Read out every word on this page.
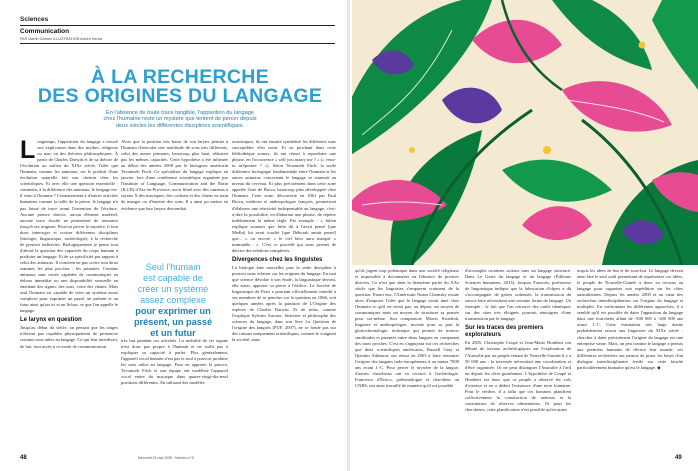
Sciences
Communication
PAR Martin Chavez ILLUSTRATION Adrien Herda
À LA RECHERCHE
DES ORIGINES DU LANGAGE
En l'absence de toute trace tangible, l'apparition du langage
chez l'humaine reste un mystère que tentent de percer depuis
deux siècles les différentes disciplines scientifiques.
L ongtemps, l'apparition du langage a trouvé son explication dans des mythes, religieux ou non, ou des théories philosophiques. À partir de Charles Darwin et de sa théorie de l'évolution au milieu du XIXe siècle, l'idée que l'humain, comme les animaux, est le produit d'une évolution naturelle fait son chemin chez les scientifiques. Et avec elle une question essentielle : comment, à la différence des animaux, le langage est-il venu à l'homme ? Contrairement à d'autres activités humaines comme la taille de la pierre, le langage n'a pas laissé de trace avant l'invention de l'écriture. Aucune preuve directe, aucun élément matériel, aucune trace fossile ne permettent de remonter jusqu'à ses origines. Peut-on percer le mystère, il faut donc interroger et croiser différentes disciplines (biologie, linguistique, archéologie), à la recherche de preuves indirectes. Biologiquement je pense tout d'abord la question des capacités du corps humain à produire un langage. Et de sa spécificité par rapport à celui des animaux. Il convient ne pas croire tout deux sommes les plus proches : les primates. Certains animaux sont certes capables de communiquer en dehors immédiat ou une disponibilité sensuelle en émettant des signes, des sons, voire des chants. Mais seul l'humain est capable de créer un système assez complexe pour exprimer un passé, un présent et un futur ainsi qu'un ici et un là-bas, ce que l'on appelle le langage.
Le larynx en question
Jusqu'au début du siècle, on pensait que les singes n'étaient pas capables physiquement de prononcer certains sons utiles au langage. Ce qui leur interdisait, de fait, tout accès à ce mode de communication.
Alors que la position très basse de son larynx permet à l'humain d'articuler une multitude de sons très différents, celui des autres primates, beaucoup plus haut, réduirait pas les mêmes capacités. Cette hypothèse a été infirmée au début des années 2000 par le biologiste américain Tecumseh Fitch. Ce spécialiste du langage explique en janvier, lors d'une conférence scientifique organisée par l'Institute of Language, Communication and the Brain (ILCB) d'Aix-en-Provence, avoir filmé avec des caméras à rayons X des macaques, des cochons et des chiens en train de manger ou d'émettre des sons. Il a ainsi pu mettre en évidence que leur larynx descendait
Seul l'humain
est capable de
créer un système
assez complexe
pour exprimer un
présent, un passé
et un futur
très bas pendant ces activités. La mobilité de cet organe n'est donc pas propre à l'humain et ne suffit pas à expliquer sa capacité à parler. Plus généralement, l'appareil vocal humain n'est pas le seul à pouvoir produire les sons utiles au langage. Pour en apporter la preuve, Tecumseh Fitch et son équipe ont modélisé l'appareil vocal entier du macaque dans quatre-vingt-dix-neuf positions différentes. En utilisant des modèles
acoustiques, ils ont ensuite synthétisé les différents sons susceptibles d'en sortir. Et en piochant dans cette bibliothèque sonore, ils ont réussi à reproduire une phrase, en l'occurrence « will you marry me ? » (« veux-tu m'épouser ? »). Selon Tecumseh Fitch, la seule différence biologique fondamentale entre l'humain et les autres animaux concernant le langage se situerait au niveau du cerveau. Et plus précisément dans cette zone appelée l'aire de Broca, beaucoup plus développée chez l'humain. Cette zone, découverte en 1861 par Paul Broca, médecin et anthropologue français, permettrait d'élaborer une réactivité indispensable au langage, c'est-à-dire la possibilité, en élaborant une phrase, de répéter indéfiniment la même règle. Par exemple : « Julien explique soutenir que Julie dit à l'avait pensé [que Medhi] lui avait touché [que Déborah aurait pensé] que... » ou encore « le ciel bleu aura marqué » immuable... ». C'est ce procédé qui nous permet de décrire des relations complexes.
Divergences chez les linguistes
La biologie âme nouvelles puis la seule discipline à pouvoir nous éclairer sur les origines du langage. En tant que science dévolue à son étude, la linguistique devrait, elle aussi, apporter sa pierre à l'édifice. La Société de linguistique de Paris a pourtant officiellement interdit à ses membres de se pencher sur la question en 1866, soit quelques années après la parution de L'Origine des espèces de Charles Darwin. Et de refus, comme l'explique Sylvain Auroux, historien et philosophe des sciences du langage, dans son livre La Question de l'origine des langues (PUF, 2007), ne se fonde pas sur des raisons uniquement scientifiques, comme le craignait la société, mais
48	Mercredi 21 mai 2025 - Numéro n°5
qu'ils jugent trop polémique dans une société religieuse et impossible à documenter en l'absence de preuves directes. Ce n'est que dans la deuxième partie du XXe siècle que les linguistes s'emparent vraiment de la question. Parmi eux, l'Américain Noam Chomsky essaie alors d'imposer l'idée que le langage serait inné chez l'humain et qu'il ne serait pas, au départ, un moyen de communiquer mais un moyen de structurer sa pensée pour soi-même. Son compatriote Morris Swadesh, linguiste et anthropologue, invente pour sa part la glottochronologie, technique qui permet de trouver similitudes et parentés entre deux langues en comparant des mots proches. C'est en s'appuyant sur ces recherches que deux scientifiques américains, Russell Gray et Quentin Atkinson, ont réussi en 2003 à faire remonter l'origine des langues indo-européennes à au moins 7800 ans avant J.-C. Pour percer le mystère de la langue, d'autres chercheurs ont eu recours à l'archéologie. Francesco d'Errico, paléontologue et chercheur au CNRS, ont ainsi travaillé de manière qu'il est possible
d'accomplir certaines actions sans un langage structuré. Dans Le Geste du langage et du langage (Éditions Sciences humaines, 2013), Jacques Francois, professeur de linguistique indique que la fabrication d'objets a dû s'accompagner de gestes ordonnés, la transmission du savoir-faire nécessitant une certaine forme de langage. Un exemple : le fait que l'on retrouve des outils identiques sur des sites très éloignés pourrait témoigner d'une transmission par le langage.
Sur les traces des premiers explorateurs
En 2005, Christophe Coupé et Jean-Marie Hombert ont débuté de travaux archéologiques sur l'exploration de l'Australie par un peuple venant de Nouvelle-Guinée il y a 50 000 ans : la traversée nécessitait une coordination et d'être organisée. Or ne peut distinguer l'Australie à l'œil nu depuis les côtes guinéennes. L'hypothèse de Coupé et Hombert est donc que ce peuple a observé les vols d'oiseaux et en a déduit l'existence d'une terre lointaine. Pour le vérifier, il a fallu que ces hommes planifient collectivement la construction de radeaux et la constitution de réserves alimentaires. Or pour les chercheurs, cette planification n'est possible qu'en ayant
acquis les idées de but et de sous-but. Le langage devrait ainsi être le seul outil permettant de représenter ces idées, le peuple de Nouvelle-Guinée a donc eu recours au langage pour organiser son expédition sur les côtes australiennes. Depuis les années 2000 et au cœur des recherches interdisciplinaires sur l'origine du langage et multiples. En confrontant les différentes approches, il a semblé qu'il est possible de dater l'apparition du langage dans une fourchette allant de -500 000 à -200 000 ans avant J.-C. Cette estimation très large donne probablement raison aux linguistes du XIXe siècle : chercher à dater précisément l'origine du langage est une entreprise vaine. Mais, un peu comme le langage a permis aux premiers humains de décrire leur monde, ces différentes recherches ont permis de poser les bases d'un dialogue interdisciplinaire fertile sur cette faculté particulièrement humaine qu'est le langage. ◆
49
